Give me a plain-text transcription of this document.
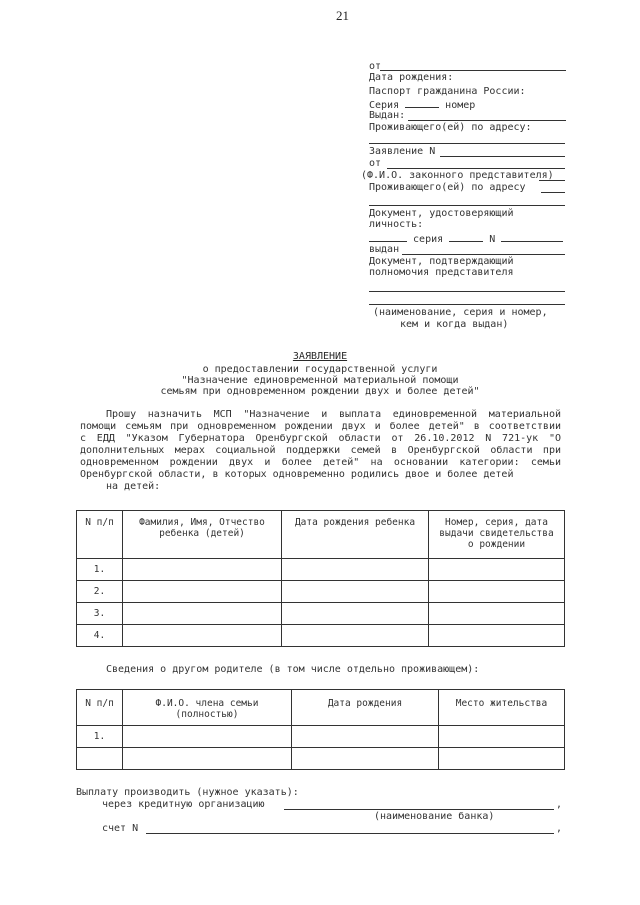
21
от
Дата рождения:
Паспорт гражданина России:
Серия	номер
Выдан:
Проживающего(ей) по адресу:
Заявление N
от
(Ф.И.О. законного представителя)
Проживающего(ей) по адресу
Документ, удостоверяющий
личность:
серия	N
выдан
Документ, подтверждающий
полномочия представителя
(наименование, серия и номер,
кем и когда выдан)
ЗАЯВЛЕНИЕ
о предоставлении государственной услуги
"Назначение единовременной материальной помощи
семьям при одновременном рождении двух и более детей"
Прошу назначить МСП "Назначение и выплата единовременной материальной
помощи семьям при одновременном рождении двух и более детей" в соответствии
с ЕДД "Указом Губернатора Оренбургской области от 26.10.2012 N 721-ук "О
дополнительных мерах социальной поддержки семей в Оренбургской области при
одновременном рождении двух и более детей" на основании категории: семьи
Оренбургской области, в которых одновременно родились двое и более детей
на детей:
N п/п	Фамилия, Имя, Отчество ребенка (детей)	Дата рождения ребенка	Номер, серия, дата выдачи свидетельства о рождении
1.			
2.			
3.			
4.			
Сведения о другом родителе (в том числе отдельно проживающем):
N п/п	Ф.И.О. члена семьи (полностью)	Дата рождения	Место жительства
1.			

Выплату производить (нужное указать):
через кредитную организацию	,
(наименование банка)
счет N	,
